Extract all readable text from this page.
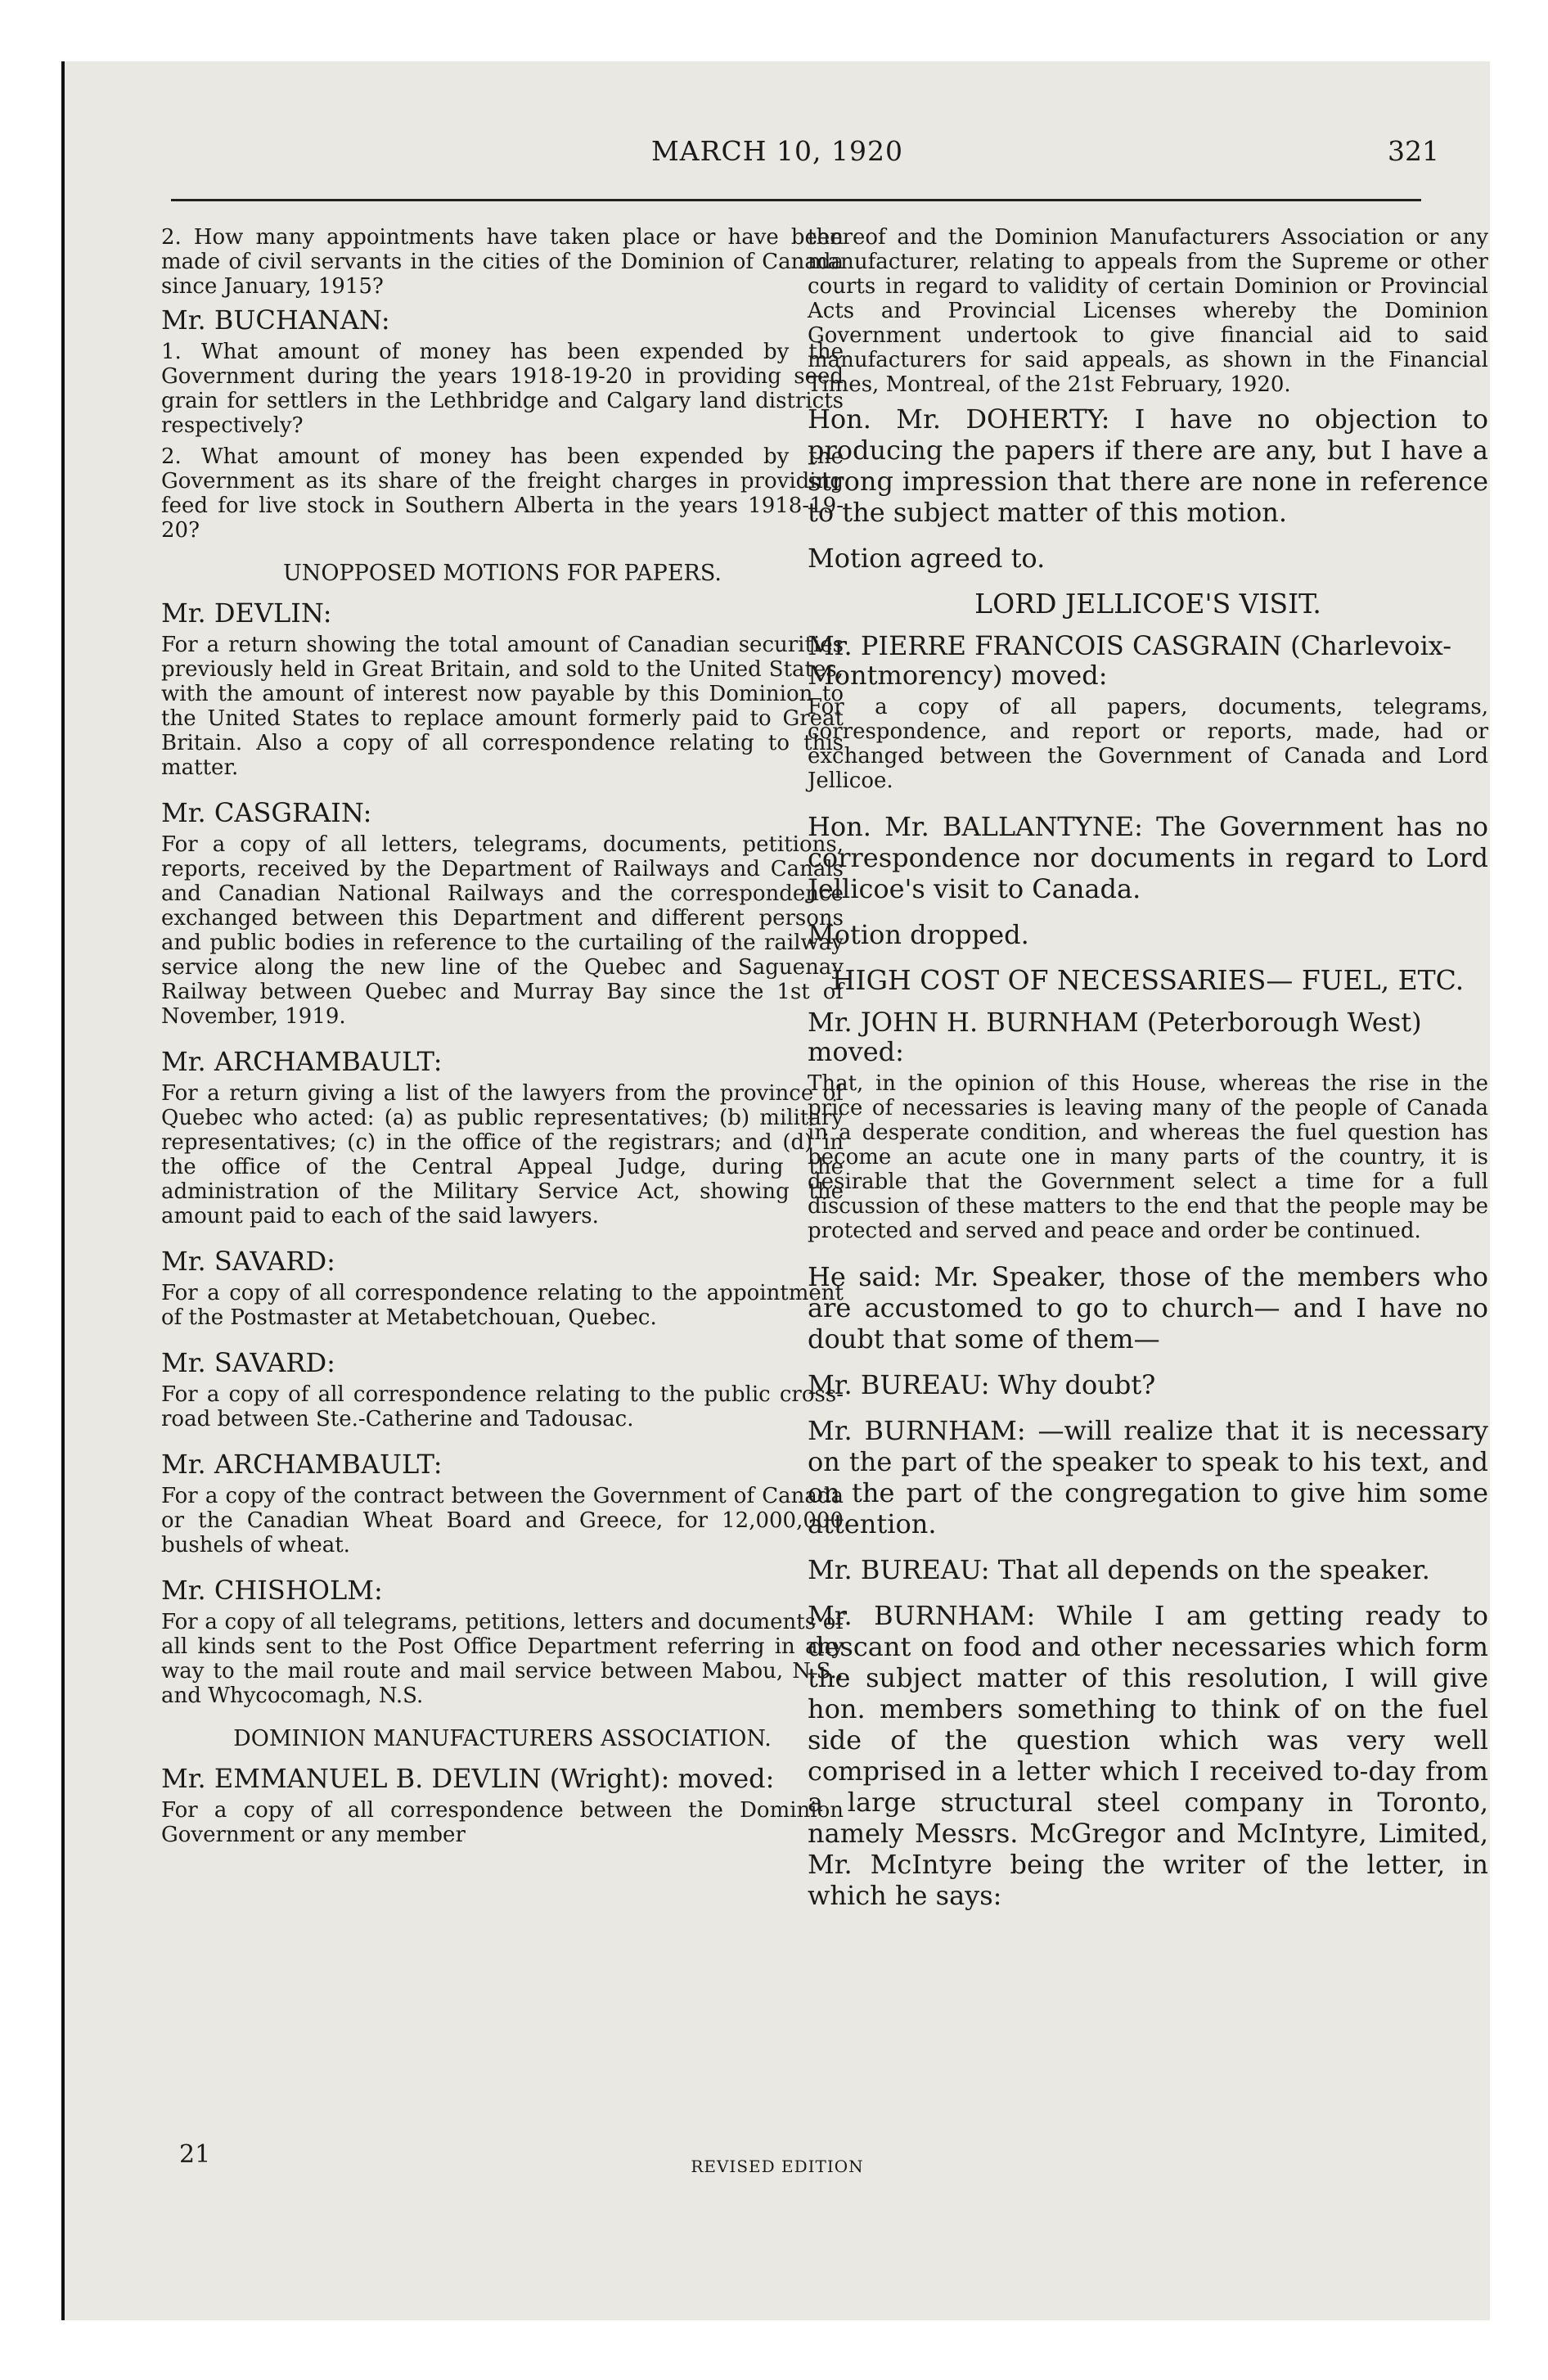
MARCH 10, 1920	321

2. How many appointments have taken place or have been made of civil servants in the cities of the Dominion of Canada since January, 1915?

Mr. BUCHANAN:

1. What amount of money has been expended by the Government during the years 1918-19-20 in providing seed grain for settlers in the Lethbridge and Calgary land districts respectively?

2. What amount of money has been expended by the Government as its share of the freight charges in providing feed for live stock in Southern Alberta in the years 1918-19-20?

UNOPPOSED MOTIONS FOR PAPERS.

Mr. DEVLIN:

For a return showing the total amount of Canadian securities previously held in Great Britain, and sold to the United States, with the amount of interest now payable by this Dominion to the United States to replace amount formerly paid to Great Britain. Also a copy of all correspondence relating to this matter.

Mr. CASGRAIN:

For a copy of all letters, telegrams, documents, petitions, reports, received by the Department of Railways and Canals and Canadian National Railways and the correspondence exchanged between this Department and different persons and public bodies in reference to the curtailing of the railway service along the new line of the Quebec and Saguenay Railway between Quebec and Murray Bay since the 1st of November, 1919.

Mr. ARCHAMBAULT:

For a return giving a list of the lawyers from the province of Quebec who acted: (a) as public representatives; (b) military representatives; (c) in the office of the registrars; and (d) in the office of the Central Appeal Judge, during the administration of the Military Service Act, showing the amount paid to each of the said lawyers.

Mr. SAVARD:

For a copy of all correspondence relating to the appointment of the Postmaster at Metabetchouan, Quebec.

Mr. SAVARD:

For a copy of all correspondence relating to the public cross-road between Ste.-Catherine and Tadousac.

Mr. ARCHAMBAULT:

For a copy of the contract between the Government of Canada or the Canadian Wheat Board and Greece, for 12,000,000 bushels of wheat.

Mr. CHISHOLM:

For a copy of all telegrams, petitions, letters and documents of all kinds sent to the Post Office Department referring in any way to the mail route and mail service between Mabou, N.S., and Whycocomagh, N.S.

DOMINION MANUFACTURERS ASSOCIATION.

Mr. EMMANUEL B. DEVLIN (Wright): moved:

For a copy of all correspondence between the Dominion Government or any member

thereof and the Dominion Manufacturers Association or any manufacturer, relating to appeals from the Supreme or other courts in regard to validity of certain Dominion or Provincial Acts and Provincial Licenses whereby the Dominion Government undertook to give financial aid to said manufacturers for said appeals, as shown in the Financial Times, Montreal, of the 21st February, 1920.

Hon. Mr. DOHERTY: I have no objection to producing the papers if there are any, but I have a strong impression that there are none in reference to the subject matter of this motion.

Motion agreed to.

LORD JELLICOE'S VISIT.

Mr. PIERRE FRANCOIS CASGRAIN (Charlevoix-Montmorency) moved:

For a copy of all papers, documents, telegrams, correspondence, and report or reports, made, had or exchanged between the Government of Canada and Lord Jellicoe.

Hon. Mr. BALLANTYNE: The Government has no correspondence nor documents in regard to Lord Jellicoe's visit to Canada.

Motion dropped.

HIGH COST OF NECESSARIES— FUEL, ETC.

Mr. JOHN H. BURNHAM (Peterborough West) moved:

That, in the opinion of this House, whereas the rise in the price of necessaries is leaving many of the people of Canada in a desperate condition, and whereas the fuel question has become an acute one in many parts of the country, it is desirable that the Government select a time for a full discussion of these matters to the end that the people may be protected and served and peace and order be continued.

He said: Mr. Speaker, those of the members who are accustomed to go to church— and I have no doubt that some of them—

Mr. BUREAU: Why doubt?

Mr. BURNHAM: —will realize that it is necessary on the part of the speaker to speak to his text, and on the part of the congregation to give him some attention.

Mr. BUREAU: That all depends on the speaker.

Mr. BURNHAM: While I am getting ready to descant on food and other necessaries which form the subject matter of this resolution, I will give hon. members something to think of on the fuel side of the question which was very well comprised in a letter which I received to-day from a large structural steel company in Toronto, namely Messrs. McGregor and McIntyre, Limited, Mr. McIntyre being the writer of the letter, in which he says:

21	REVISED EDITION
